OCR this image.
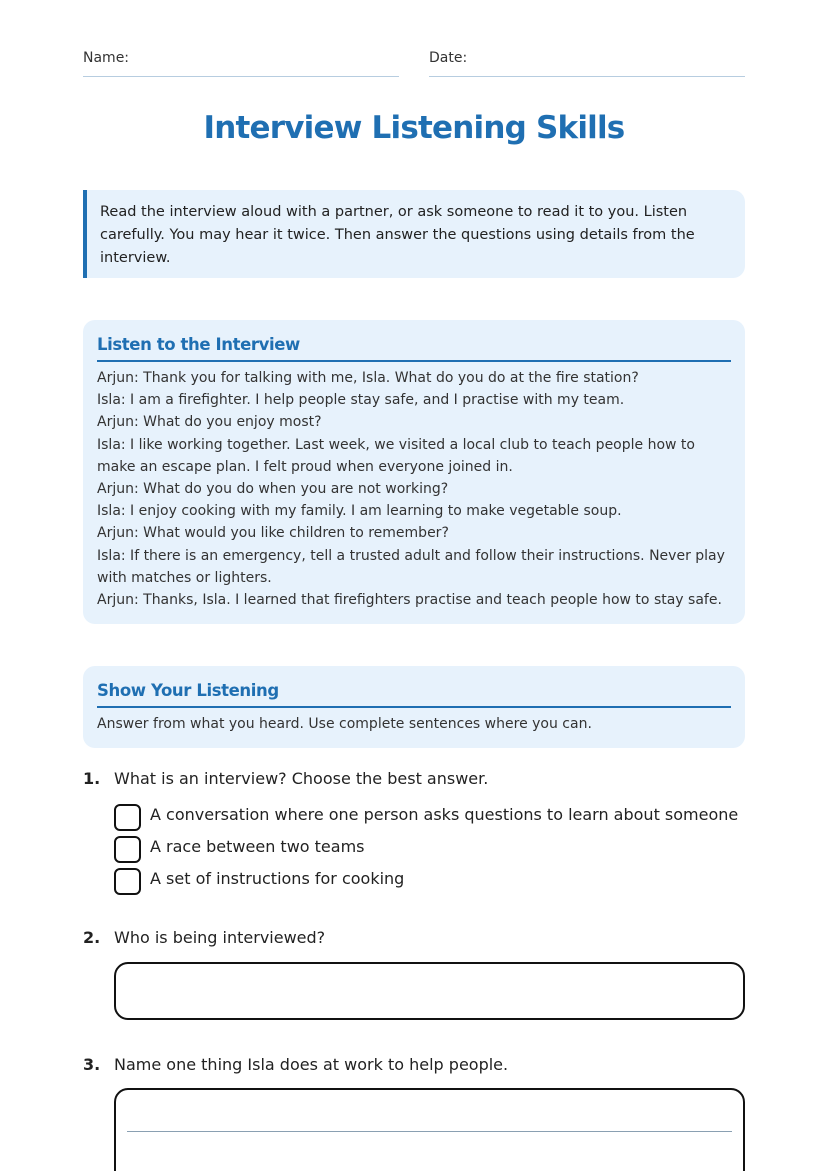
Name:	Date:
Interview Listening Skills
Read the interview aloud with a partner, or ask someone to read it to you. Listen carefully. You may hear it twice. Then answer the questions using details from the interview.
Listen to the Interview
Arjun: Thank you for talking with me, Isla. What do you do at the fire station?
Isla: I am a firefighter. I help people stay safe, and I practise with my team.
Arjun: What do you enjoy most?
Isla: I like working together. Last week, we visited a local club to teach people how to make an escape plan. I felt proud when everyone joined in.
Arjun: What do you do when you are not working?
Isla: I enjoy cooking with my family. I am learning to make vegetable soup.
Arjun: What would you like children to remember?
Isla: If there is an emergency, tell a trusted adult and follow their instructions. Never play with matches or lighters.
Arjun: Thanks, Isla. I learned that firefighters practise and teach people how to stay safe.
Show Your Listening
Answer from what you heard. Use complete sentences where you can.
1. What is an interview? Choose the best answer.
A conversation where one person asks questions to learn about someone
A race between two teams
A set of instructions for cooking
2. Who is being interviewed?
3. Name one thing Isla does at work to help people.
